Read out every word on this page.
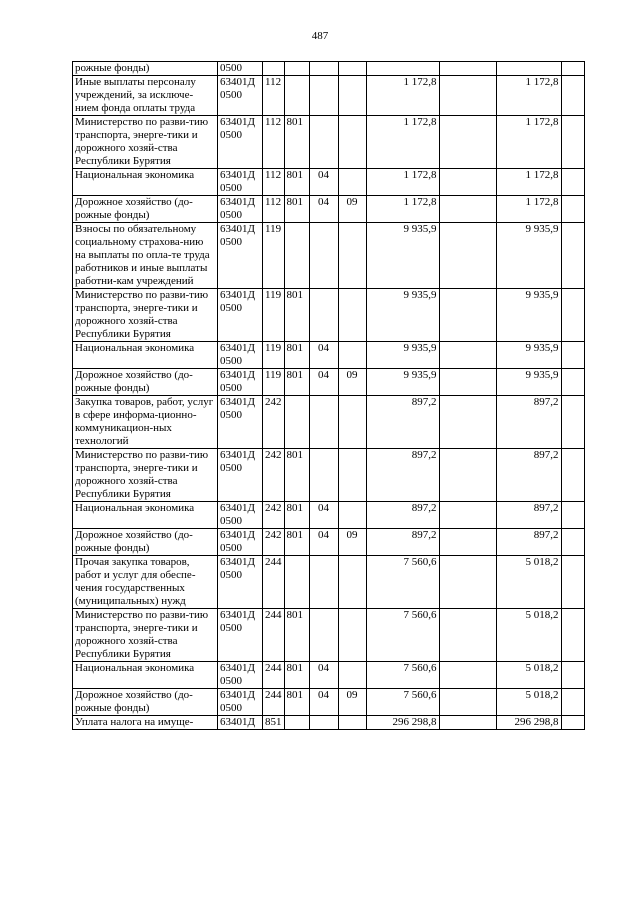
487
рожные фонды)	0500								
Иные выплаты персоналу учреждений, за исключе-нием фонда оплаты труда	63401Д 0500	112				1 172,8		1 172,8	
Министерство по разви-тию транспорта, энерге-тики и дорожного хозяй-ства Республики Бурятия	63401Д 0500	112	801			1 172,8		1 172,8	
Национальная экономика	63401Д 0500	112	801	04		1 172,8		1 172,8	
Дорожное хозяйство (до-рожные фонды)	63401Д 0500	112	801	04	09	1 172,8		1 172,8	
Взносы по обязательному социальному страхова-нию на выплаты по опла-те труда работников и иные выплаты работни-кам учреждений	63401Д 0500	119				9 935,9		9 935,9	
Министерство по разви-тию транспорта, энерге-тики и дорожного хозяй-ства Республики Бурятия	63401Д 0500	119	801			9 935,9		9 935,9	
Национальная экономика	63401Д 0500	119	801	04		9 935,9		9 935,9	
Дорожное хозяйство (до-рожные фонды)	63401Д 0500	119	801	04	09	9 935,9		9 935,9	
Закупка товаров, работ, услуг в сфере информа-ционно-коммуникацион-ных технологий	63401Д 0500	242				897,2		897,2	
Министерство по разви-тию транспорта, энерге-тики и дорожного хозяй-ства Республики Бурятия	63401Д 0500	242	801			897,2		897,2	
Национальная экономика	63401Д 0500	242	801	04		897,2		897,2	
Дорожное хозяйство (до-рожные фонды)	63401Д 0500	242	801	04	09	897,2		897,2	
Прочая закупка товаров, работ и услуг для обеспе-чения государственных (муниципальных) нужд	63401Д 0500	244				7 560,6		5 018,2	
Министерство по разви-тию транспорта, энерге-тики и дорожного хозяй-ства Республики Бурятия	63401Д 0500	244	801			7 560,6		5 018,2	
Национальная экономика	63401Д 0500	244	801	04		7 560,6		5 018,2	
Дорожное хозяйство (до-рожные фонды)	63401Д 0500	244	801	04	09	7 560,6		5 018,2	
Уплата налога на имуще-	63401Д	851				296 298,8		296 298,8	
